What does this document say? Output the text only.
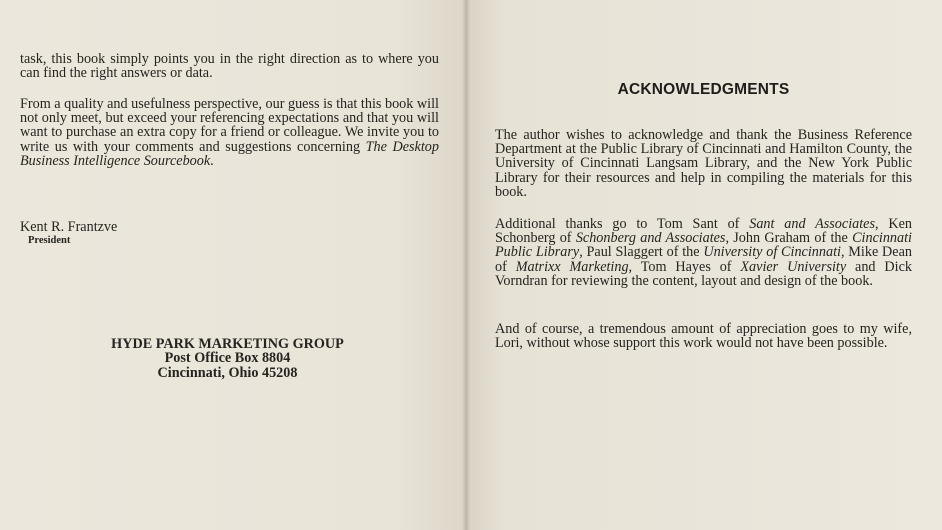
task, this book simply points you in the right direction as to where you can find the right answers or data.

From a quality and usefulness perspective, our guess is that this book will not only meet, but exceed your referencing expectations and that you will want to purchase an extra copy for a friend or colleague. We invite you to write us with your comments and suggestions concerning The Desktop Business Intelligence Sourcebook.

Kent R. Frantzve
President
HYDE PARK MARKETING GROUP
Post Office Box 8804
Cincinnati, Ohio 45208
ACKNOWLEDGMENTS

The author wishes to acknowledge and thank the Business Reference Department at the Public Library of Cincinnati and Hamilton County, the University of Cincinnati Langsam Library, and the New York Public Library for their resources and help in compiling the materials for this book.

Additional thanks go to Tom Sant of Sant and Associates, Ken Schonberg of Schonberg and Associates, John Graham of the Cincinnati Public Library, Paul Slaggert of the University of Cincinnati, Mike Dean of Matrixx Marketing, Tom Hayes of Xavier University and Dick Vorndran for reviewing the content, layout and design of the book.

And of course, a tremendous amount of appreciation goes to my wife, Lori, without whose support this work would not have been possible.
